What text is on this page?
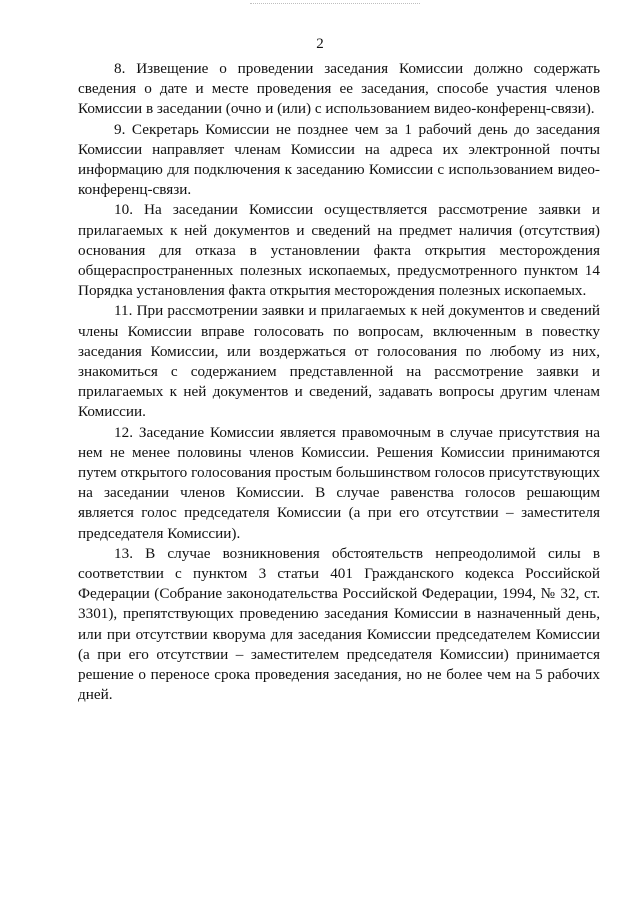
2

8. Извещение о проведении заседания Комиссии должно содержать сведения о дате и месте проведения ее заседания, способе участия членов Комиссии в заседании (очно и (или) с использованием видео-конференц-связи).

9. Секретарь Комиссии не позднее чем за 1 рабочий день до заседания Комиссии направляет членам Комиссии на адреса их электронной почты информацию для подключения к заседанию Комиссии с использованием видео-конференц-связи.

10. На заседании Комиссии осуществляется рассмотрение заявки и прилагаемых к ней документов и сведений на предмет наличия (отсутствия) основания для отказа в установлении факта открытия месторождения общераспространенных полезных ископаемых, предусмотренного пунктом 14 Порядка установления факта открытия месторождения полезных ископаемых.

11. При рассмотрении заявки и прилагаемых к ней документов и сведений члены Комиссии вправе голосовать по вопросам, включенным в повестку заседания Комиссии, или воздержаться от голосования по любому из них, знакомиться с содержанием представленной на рассмотрение заявки и прилагаемых к ней документов и сведений, задавать вопросы другим членам Комиссии.

12. Заседание Комиссии является правомочным в случае присутствия на нем не менее половины членов Комиссии. Решения Комиссии принимаются путем открытого голосования простым большинством голосов присутствующих на заседании членов Комиссии. В случае равенства голосов решающим является голос председателя Комиссии (а при его отсутствии – заместителя председателя Комиссии).

13. В случае возникновения обстоятельств непреодолимой силы в соответствии с пунктом 3 статьи 401 Гражданского кодекса Российской Федерации (Собрание законодательства Российской Федерации, 1994, № 32, ст. 3301), препятствующих проведению заседания Комиссии в назначенный день, или при отсутствии кворума для заседания Комиссии председателем Комиссии (а при его отсутствии – заместителем председателя Комиссии) принимается решение о переносе срока проведения заседания, но не более чем на 5 рабочих дней.
